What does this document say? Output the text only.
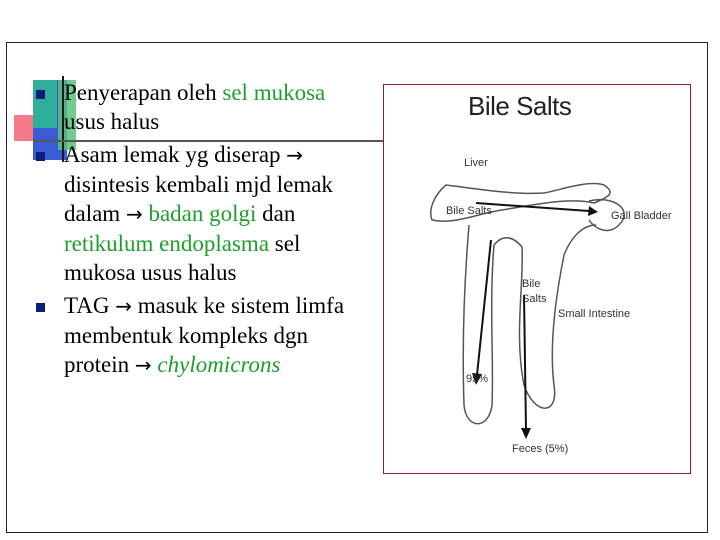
Penyerapan oleh sel mukosa usus halus
Asam lemak yg diserap → disintesis kembali mjd lemak dalam → badan golgi dan retikulum endoplasma sel mukosa usus halus
TAG → masuk ke sistem limfa membentuk kompleks dgn protein → chylomicrons
Bile Salts
Liver
Bile Salts	Gall Bladder
Bile
Salts
Small Intestine
95%
Feces (5%)
